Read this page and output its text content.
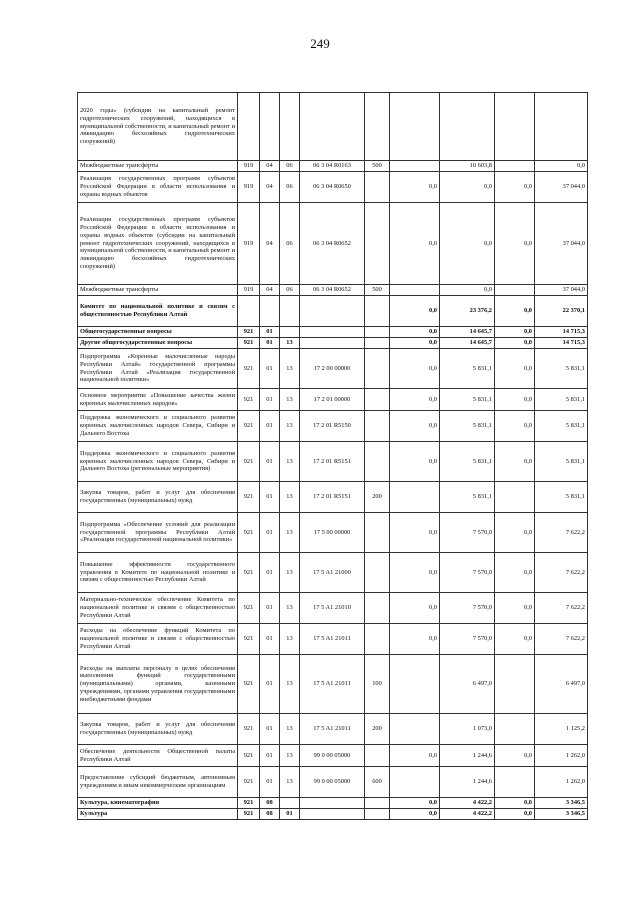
249
2020 годы» (субсидии на капитальный ремонт гидротехнических сооружений, находящихся в муниципальной собственности, и капитальный ремонт и ликвидацию бесхозяйных гидротехнических сооружений)									
Межбюджетные трансферты	919	04	06	06 3 04 R0163	500		10 603,8		0,0
Реализация государственных программ субъектов Российской Федерации в области использования и охраны водных объектов	919	04	06	06 3 04 R0650		0,0	0,0	0,0	37 044,0
Реализация государственных программ субъектов Российской Федерации в области использования и охраны водных объектов (субсидии на капитальный ремонт гидротехнических сооружений, находящихся в муниципальной собственности, и капитальный ремонт и ликвидацию бесхозяйных гидротехнических сооружений)	919	04	06	06 3 04 R0652		0,0	0,0	0,0	37 044,0
Межбюджетные трансферты	919	04	06	06 3 04 R0652	500		0,0		37 044,0
Комитет по национальной политике и связям с общественностью Республики Алтай						0,0	23 376,2	0,0	22 370,1
Общегосударственные вопросы	921	01				0,0	14 645,7	0,0	14 715,3
Другие общегосударственные вопросы	921	01	13			0,0	14 645,7	0,0	14 715,3
Подпрограмма «Коренные малочисленные народы Республики Алтай» государственной программы Республики Алтай «Реализация государственной национальной политики»	921	01	13	17 2 00 00000		0,0	5 831,1	0,0	5 831,1
Основное мероприятие «Повышение качества жизни коренных малочисленных народов»	921	01	13	17 2 01 00000		0,0	5 831,1	0,0	5 831,1
Поддержка экономического и социального развития коренных малочисленных народов Севера, Сибири и Дальнего Востока	921	01	13	17 2 01 R5150		0,0	5 831,1	0,0	5 831,1
Поддержка экономического и социального развития коренных малочисленных народов Севера, Сибири и Дальнего Востока (региональные мероприятия)	921	01	13	17 2 01 R5151		0,0	5 831,1	0,0	5 831,1
Закупка товаров, работ и услуг для обеспечения государственных (муниципальных) нужд	921	01	13	17 2 01 R5151	200		5 831,1		5 831,1
Подпрограмма «Обеспечение условий для реализации государственной программы Республики Алтай «Реализация государственной национальной политики»	921	01	13	17 5 00 00000		0,0	7 570,0	0,0	7 622,2
Повышение эффективности государственного управления в Комитете по национальной политике и связям с общественностью Республики Алтай	921	01	13	17 5 A1 21000		0,0	7 570,0	0,0	7 622,2
Материально-техническое обеспечение Комитета по национальной политике и связям с общественностью Республики Алтай	921	01	13	17 5 A1 21010		0,0	7 570,0	0,0	7 622,2
Расходы на обеспечение функций Комитета по национальной политике и связям с общественностью Республики Алтай	921	01	13	17 5 A1 21011		0,0	7 570,0	0,0	7 622,2
Расходы на выплаты персоналу в целях обеспечения выполнения функций государственными (муниципальными) органами, казенными учреждениями, органами управления государственными внебюджетными фондами	921	01	13	17 5 A1 21011	100		6 497,0		6 497,0
Закупка товаров, работ и услуг для обеспечения государственных (муниципальных) нужд	921	01	13	17 5 A1 21011	200		1 073,0		1 125,2
Обеспечение деятельности Общественной палаты Республики Алтай	921	01	13	99 0 00 05000		0,0	1 244,6	0,0	1 262,0
Предоставление субсидий бюджетным, автономным учреждениям и иным некоммерческим организациям	921	01	13	99 0 00 05000	600		1 244,6		1 262,0
Культура, кинематография	921	08				0,0	4 422,2	0,0	3 346,5
Культура	921	08	01			0,0	4 422,2	0,0	3 346,5
